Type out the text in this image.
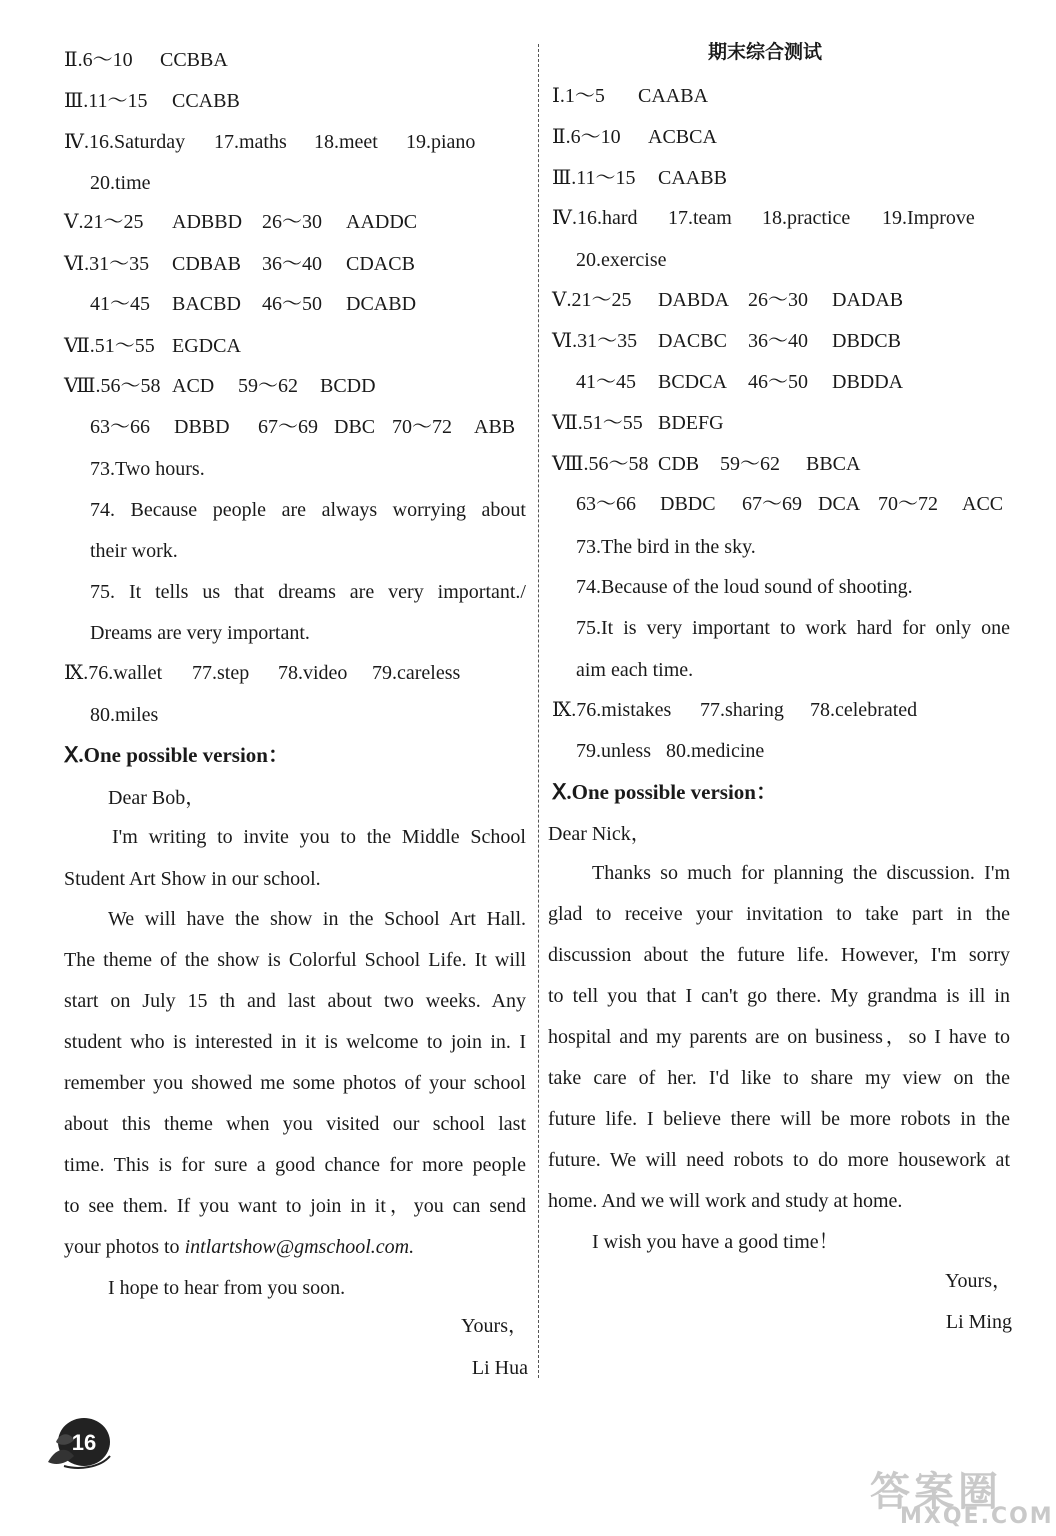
Ⅱ.6～10 CCBBA
Ⅲ.11～15 CCABB
Ⅳ.16.Saturday 17.maths 18.meet 19.piano
20.time
Ⅴ.21～25 ADBBD 26～30 AADDC
Ⅵ.31～35 CDBAB 36～40 CDACB
41～45 BACBD 46～50 DCABD
Ⅶ.51～55 EGDCA
Ⅷ.56～58 ACD 59～62 BCDD
63～66 DBBD 67～69 DBC 70～72 ABB
73.Two hours.
74. Because people are always worrying about
their work.
75. It tells us that dreams are very important./
Dreams are very important.
Ⅸ.76.wallet 77.step 78.video 79.careless
80.miles
Ⅹ.One possible version：
Dear Bob，
I'm writing to invite you to the Middle School
Student Art Show in our school.
We will have the show in the School Art Hall.
The theme of the show is Colorful School Life. It will
start on July 15 th and last about two weeks. Any
student who is interested in it is welcome to join in. I
remember you showed me some photos of your school
about this theme when you visited our school last
time. This is for sure a good chance for more people
to see them. If you want to join in it，you can send
your photos to intlartshow@gmschool.com.
I hope to hear from you soon.
Yours，
Li Hua
期末综合测试
Ⅰ.1～5 CAABA
Ⅱ.6～10 ACBCA
Ⅲ.11～15 CAABB
Ⅳ.16.hard 17.team 18.practice 19.Improve
20.exercise
Ⅴ.21～25 DABDA 26～30 DADAB
Ⅵ.31～35 DACBC 36～40 DBDCB
41～45 BCDCA 46～50 DBDDA
Ⅶ.51～55 BDEFG
Ⅷ.56～58 CDB 59～62 BBCA
63～66 DBDC 67～69 DCA 70～72 ACC
73.The bird in the sky.
74.Because of the loud sound of shooting.
75.It is very important to work hard for only one
aim each time.
Ⅸ.76.mistakes 77.sharing 78.celebrated
79.unless 80.medicine
Ⅹ.One possible version：
Dear Nick，
Thanks so much for planning the discussion. I'm
glad to receive your invitation to take part in the
discussion about the future life. However, I'm sorry
to tell you that I can't go there. My grandma is ill in
hospital and my parents are on business，so I have to
take care of her. I'd like to share my view on the
future life. I believe there will be more robots in the
future. We will need robots to do more housework at
home. And we will work and study at home.
I wish you have a good time！
Yours，
Li Ming
16
答案圈
MXQE.COM
